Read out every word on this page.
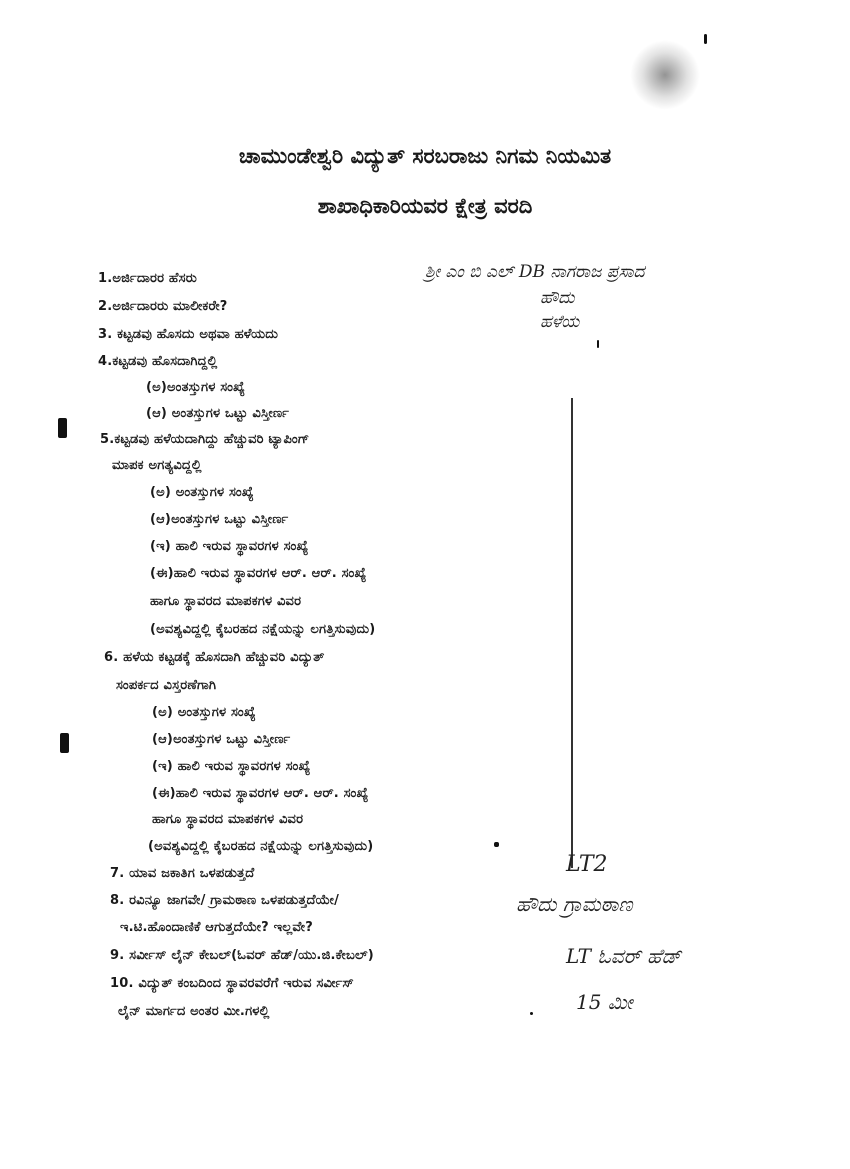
ಚಾಮುಂಡೇಶ್ವರಿ ವಿದ್ಯುತ್ ಸರಬರಾಜು ನಿಗಮ ನಿಯಮಿತ
ಶಾಖಾಧಿಕಾರಿಯವರ ಕ್ಷೇತ್ರ ವರದಿ
1.ಅರ್ಜಿದಾರರ ಹೆಸರು
2.ಅರ್ಜಿದಾರರು ಮಾಲೀಕರೇ?
3. ಕಟ್ಟಡವು ಹೊಸದು ಅಥವಾ ಹಳೆಯದು
4.ಕಟ್ಟಡವು ಹೊಸದಾಗಿದ್ದಲ್ಲಿ
(ಅ)ಅಂತಸ್ತುಗಳ ಸಂಖ್ಯೆ
(ಆ) ಅಂತಸ್ತುಗಳ ಒಟ್ಟು ವಿಸ್ತೀರ್ಣ
5.ಕಟ್ಟಡವು ಹಳೆಯದಾಗಿದ್ದು ಹೆಚ್ಚುವರಿ ಟ್ಯಾಪಿಂಗ್
ಮಾಪಕ ಅಗತ್ಯವಿದ್ದಲ್ಲಿ
(ಅ) ಅಂತಸ್ತುಗಳ ಸಂಖ್ಯೆ
(ಆ)ಅಂತಸ್ತುಗಳ ಒಟ್ಟು ವಿಸ್ತೀರ್ಣ
(ಇ) ಹಾಲಿ ಇರುವ ಸ್ಥಾವರಗಳ ಸಂಖ್ಯೆ
(ಈ)ಹಾಲಿ ಇರುವ ಸ್ಥಾವರಗಳ ಆರ್. ಆರ್. ಸಂಖ್ಯೆ
ಹಾಗೂ ಸ್ಥಾವರದ ಮಾಪಕಗಳ ವಿವರ
(ಅವಶ್ಯವಿದ್ದಲ್ಲಿ ಕೈಬರಹದ ನಕ್ಷೆಯನ್ನು ಲಗತ್ತಿಸುವುದು)
6. ಹಳೆಯ ಕಟ್ಟಡಕ್ಕೆ ಹೊಸದಾಗಿ ಹೆಚ್ಚುವರಿ ವಿದ್ಯುತ್
ಸಂಪರ್ಕದ ವಿಸ್ತರಣೆಗಾಗಿ
(ಅ) ಅಂತಸ್ತುಗಳ ಸಂಖ್ಯೆ
(ಆ)ಅಂತಸ್ತುಗಳ ಒಟ್ಟು ವಿಸ್ತೀರ್ಣ
(ಇ) ಹಾಲಿ ಇರುವ ಸ್ಥಾವರಗಳ ಸಂಖ್ಯೆ
(ಈ)ಹಾಲಿ ಇರುವ ಸ್ಥಾವರಗಳ ಆರ್. ಆರ್. ಸಂಖ್ಯೆ
ಹಾಗೂ ಸ್ಥಾವರದ ಮಾಪಕಗಳ ವಿವರ
(ಅವಶ್ಯವಿದ್ದಲ್ಲಿ ಕೈಬರಹದ ನಕ್ಷೆಯನ್ನು ಲಗತ್ತಿಸುವುದು)
7. ಯಾವ ಜಕಾತಿಗ ಒಳಪಡುತ್ತದೆ
8. ರವಿನ್ಯೂ ಜಾಗವೇ/ ಗ್ರಾಮಠಾಣ ಒಳಪಡುತ್ತದೆಯೇ/
ಇ.ಟಿ.ಹೊಂದಾಣಿಕೆ ಆಗುತ್ತದೆಯೇ? ಇಲ್ಲವೇ?
9. ಸರ್ವೀಸ್ ಲೈನ್ ಕೇಬಲ್(ಓವರ್ ಹೆಡ್/ಯು.ಜಿ.ಕೇಬಲ್)
10. ವಿದ್ಯುತ್ ಕಂಬದಿಂದ ಸ್ಥಾವರವರೆಗೆ ಇರುವ ಸರ್ವೀಸ್
ಲೈನ್ ಮಾರ್ಗದ ಅಂತರ ಮೀ.ಗಳಲ್ಲಿ
ಶ್ರೀ ಎಂ ಬಿ ಎಲ್ DB ನಾಗರಾಜ ಪ್ರಸಾದ
ಹೌದು
ಹಳೆಯ
LT2
ಹೌದು ಗ್ರಾಮಠಾಣ
LT ಓವರ್ ಹೆಡ್
15 ಮೀ
